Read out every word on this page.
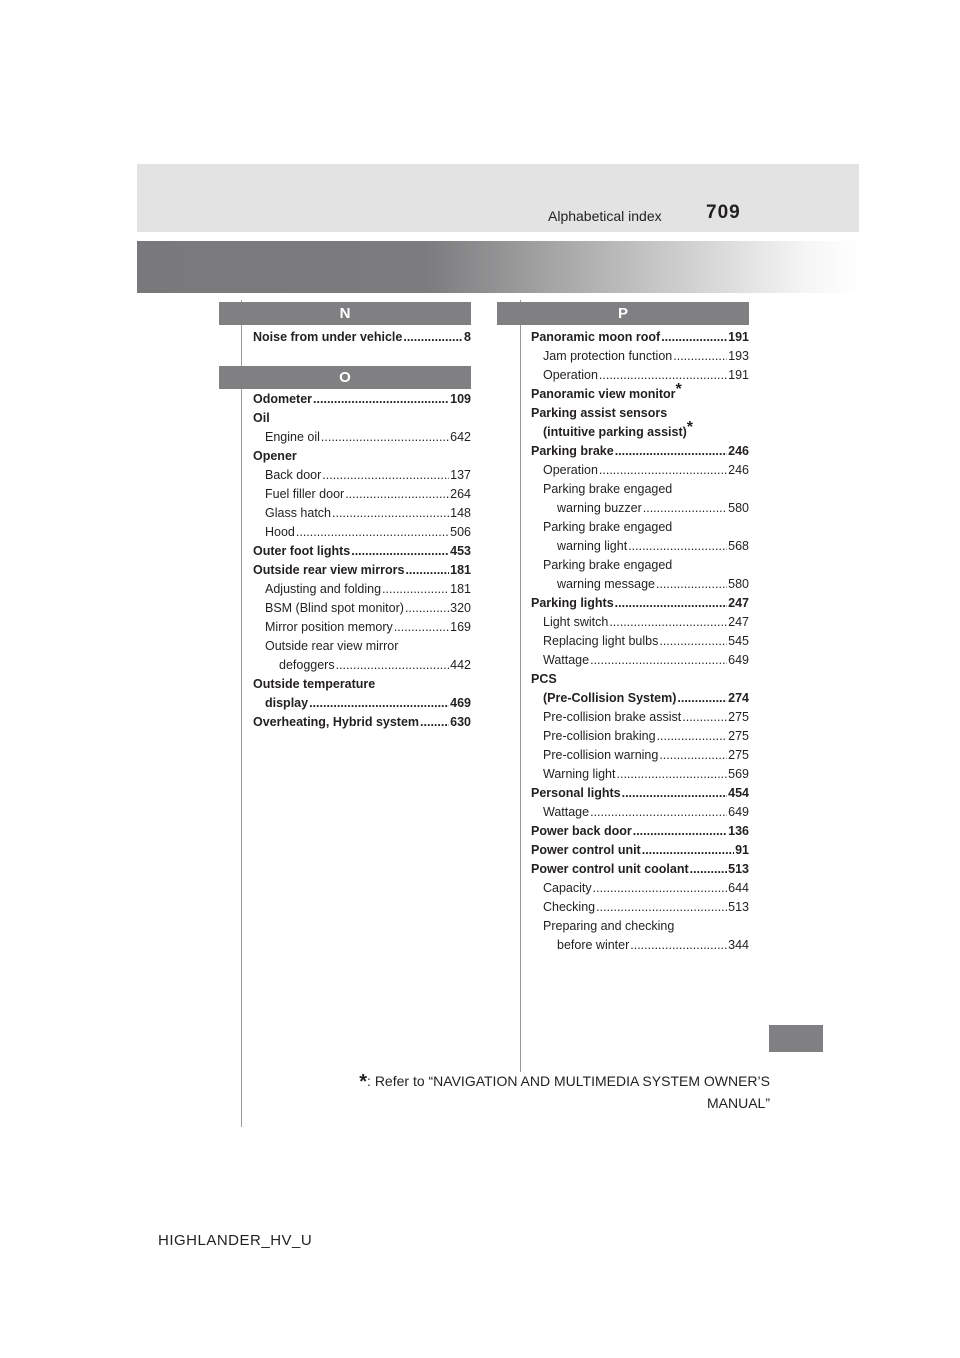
Alphabetical index 709
N
Noise from under vehicle .....	8
O
Odometer .....	109
Oil
Engine oil .....	642
Opener
Back door .....	137
Fuel filler door .....	264
Glass hatch .....	148
Hood .....	506
Outer foot lights .....	453
Outside rear view mirrors .....	181
Adjusting and folding .....	181
BSM (Blind spot monitor) .....	320
Mirror position memory .....	169
Outside rear view mirror
defoggers .....	442
Outside temperature
display .....	469
Overheating, Hybrid system ..... 630
P
Panoramic moon roof .....	191
Jam protection function .....	193
Operation .....	191
Panoramic view monitor*
Parking assist sensors
(intuitive parking assist)*
Parking brake .....	246
Operation .....	246
Parking brake engaged
warning buzzer .....	580
Parking brake engaged
warning light .....	568
Parking brake engaged
warning message .....	580
Parking lights .....	247
Light switch .....	247
Replacing light bulbs .....	545
Wattage .....	649
PCS
(Pre-Collision System) .....	274
Pre-collision brake assist .....	275
Pre-collision braking .....	275
Pre-collision warning .....	275
Warning light .....	569
Personal lights .....	454
Wattage .....	649
Power back door .....	136
Power control unit .....	91
Power control unit coolant .....	513
Capacity .....	644
Checking .....	513
Preparing and checking
before winter .....	344
*: Refer to “NAVIGATION AND MULTIMEDIA SYSTEM OWNER’S
MANUAL”
HIGHLANDER_HV_U
